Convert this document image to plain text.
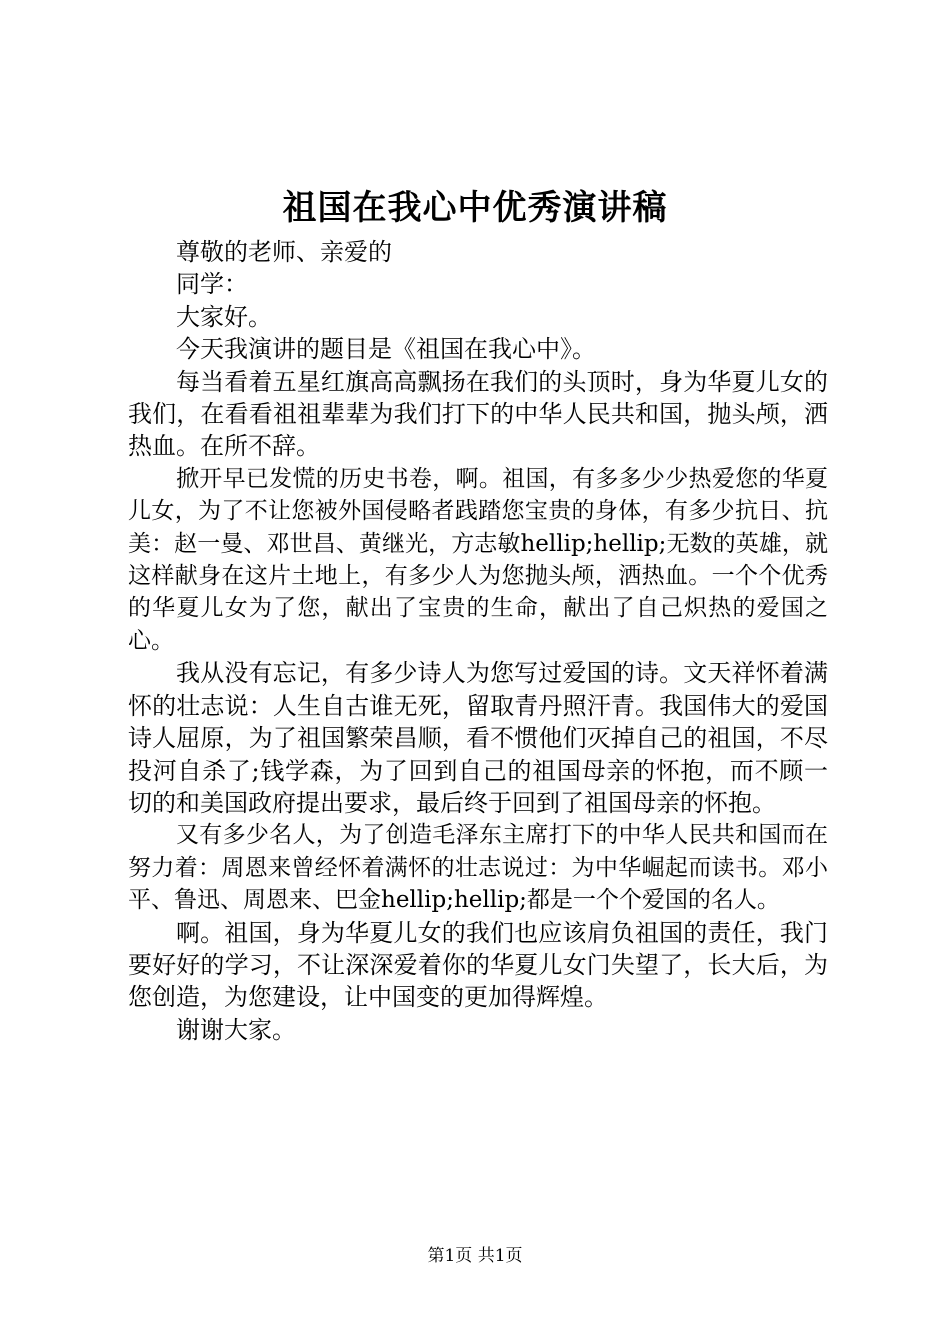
祖国在我心中优秀演讲稿

尊敬的老师、亲爱的

同学：

大家好。

今天我演讲的题目是《祖国在我心中》。

每当看着五星红旗高高飘扬在我们的头顶时，身为华夏儿女的我们，在看看祖祖辈辈为我们打下的中华人民共和国，抛头颅，洒热血。在所不辞。

掀开早已发慌的历史书卷，啊。祖国，有多多少少热爱您的华夏儿女，为了不让您被外国侵略者践踏您宝贵的身体，有多少抗日、抗美：赵一曼、邓世昌、黄继光，方志敏hellip;hellip;无数的英雄，就这样献身在这片土地上，有多少人为您抛头颅，洒热血。一个个优秀的华夏儿女为了您，献出了宝贵的生命，献出了自己炽热的爱国之心。

我从没有忘记，有多少诗人为您写过爱国的诗。文天祥怀着满怀的壮志说：人生自古谁无死，留取青丹照汗青。我国伟大的爱国诗人屈原，为了祖国繁荣昌顺，看不惯他们灭掉自己的祖国，不尽投河自杀了;钱学森，为了回到自己的祖国母亲的怀抱，而不顾一切的和美国政府提出要求，最后终于回到了祖国母亲的怀抱。

又有多少名人，为了创造毛泽东主席打下的中华人民共和国而在努力着：周恩来曾经怀着满怀的壮志说过：为中华崛起而读书。邓小平、鲁迅、周恩来、巴金hellip;hellip;都是一个个爱国的名人。

啊。祖国，身为华夏儿女的我们也应该肩负祖国的责任，我门要好好的学习，不让深深爱着你的华夏儿女门失望了，长大后，为您创造，为您建设，让中国变的更加得辉煌。

谢谢大家。

第1页 共1页
